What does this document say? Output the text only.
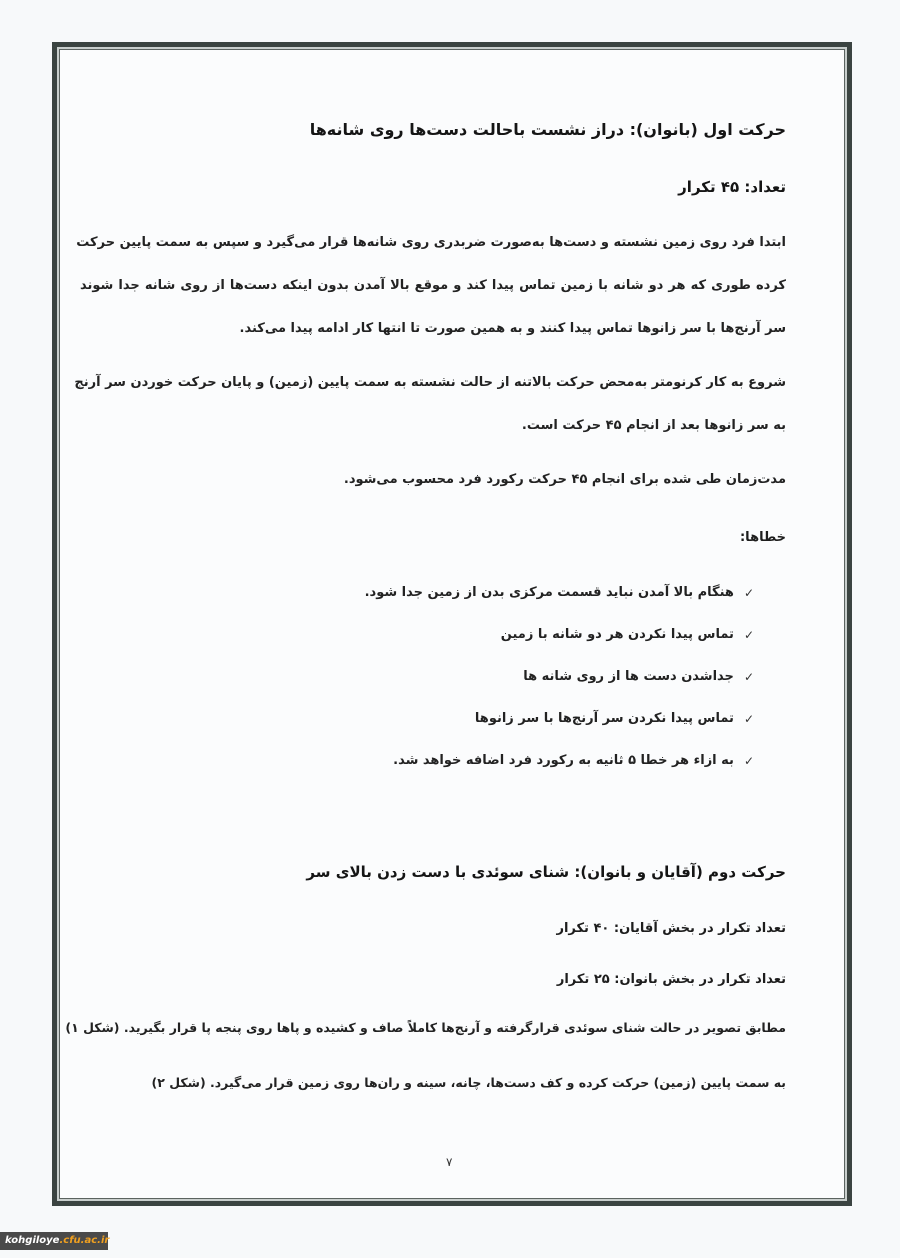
حرکت اول (بانوان): دراز نشست باحالت دست‌ها روی شانه‌ها
تعداد: ۴۵ تکرار
ابتدا فرد روی زمین نشسته و دست‌ها به‌صورت ضربدری روی شانه‌ها قرار می‌گیرد و سپس به سمت پایین حرکت
کرده طوری که هر دو شانه با زمین تماس پیدا کند و موقع بالا آمدن بدون اینکه دست‌ها از روی شانه جدا شوند
سر آرنج‌ها با سر زانوها تماس پیدا کنند و به همین صورت تا انتها کار ادامه پیدا می‌کند.
شروع به کار کرنومتر به‌محض حرکت بالاتنه از حالت نشسته به سمت پایین (زمین) و پایان حرکت خوردن سر آرنج
به سر زانوها بعد از انجام ۴۵ حرکت است.
مدت‌زمان طی شده برای انجام ۴۵ حرکت رکورد فرد محسوب می‌شود.
خطاها:
✓
هنگام بالا آمدن نباید قسمت مرکزی بدن از زمین جدا شود.
✓
تماس پیدا نکردن هر دو شانه با زمین
✓
جداشدن دست ها از روی شانه ها
✓
تماس پیدا نکردن سر آرنج‌ها با سر زانوها
✓
به ازاء هر خطا ۵ ثانیه به رکورد فرد اضافه خواهد شد.
حرکت دوم (آقایان و بانوان): شنای سوئدی با دست زدن بالای سر
تعداد تکرار در بخش آقایان: ۴۰ تکرار
تعداد تکرار در بخش بانوان: ۲۵ تکرار
مطابق تصویر در حالت شنای سوئدی قرارگرفته و آرنج‌ها کاملاً صاف و کشیده و پاها روی پنجه پا قرار بگیرید. (شکل ۱)
به سمت پایین (زمین) حرکت کرده و کف دست‌ها، چانه، سینه و ران‌ها روی زمین قرار می‌گیرد. (شکل ۲)
۷
kohgiloye.cfu.ac.ir
